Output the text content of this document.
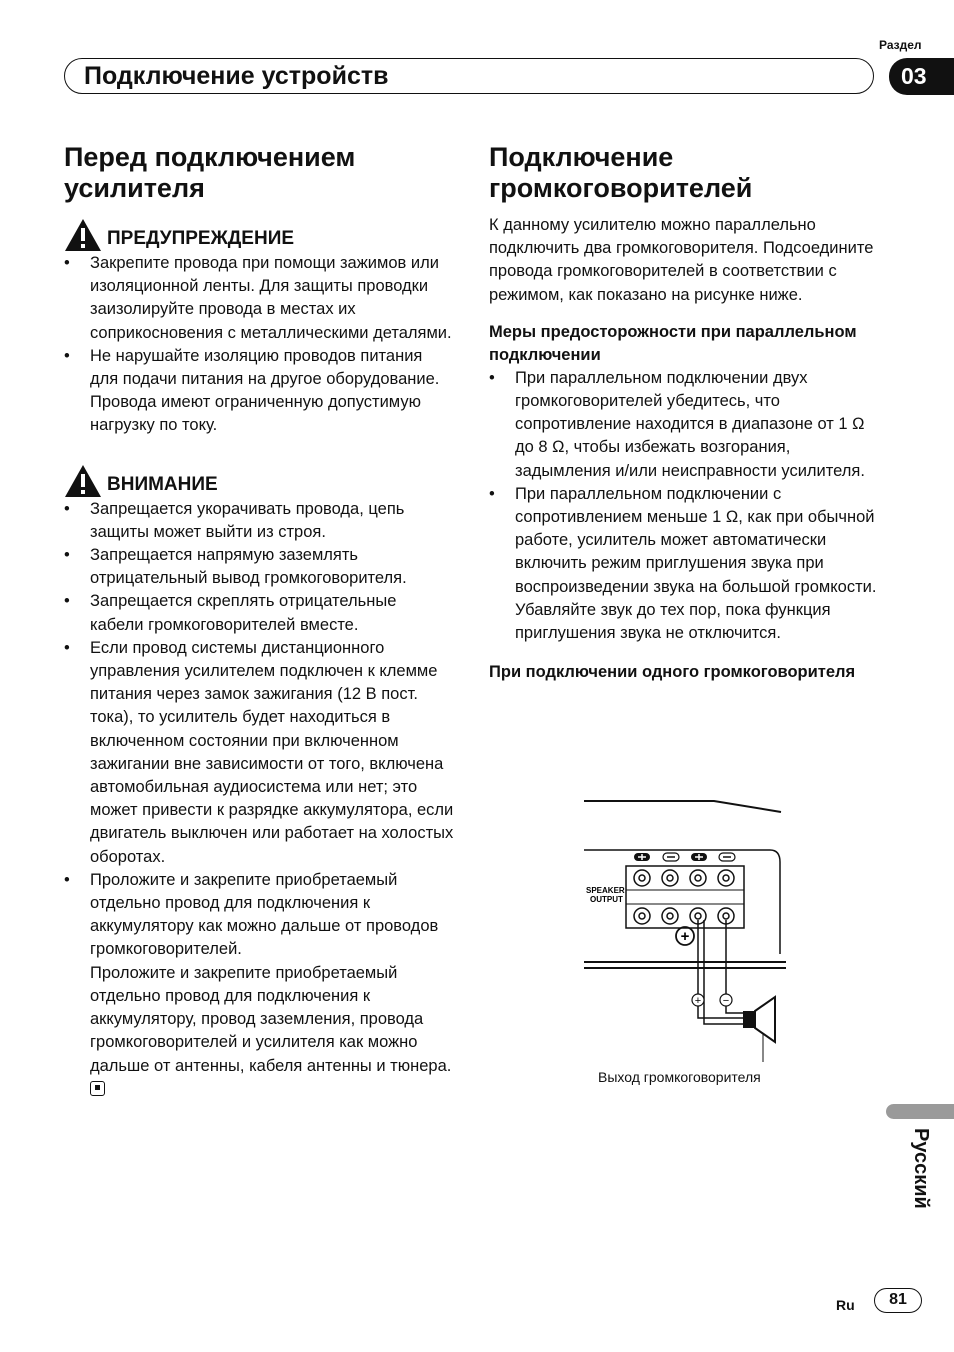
Раздел
Подключение устройств	03
Перед подключением усилителя
ПРЕДУПРЕЖДЕНИЕ
• Закрепите провода при помощи зажимов или изоляционной ленты. Для защиты проводки заизолируйте провода в местах их соприкосновения с металлическими деталями.
• Не нарушайте изоляцию проводов питания для подачи питания на другое оборудование. Провода имеют ограниченную допустимую нагрузку по току.
ВНИМАНИЕ
• Запрещается укорачивать провода, цепь защиты может выйти из строя.
• Запрещается напрямую заземлять отрицательный вывод громкоговорителя.
• Запрещается скреплять отрицательные кабели громкоговорителей вместе.
• Если провод системы дистанционного управления усилителем подключен к клемме питания через замок зажигания (12 В пост. тока), то усилитель будет находиться в включенном состоянии при включенном зажигании вне зависимости от того, включена автомобильная аудиосистема или нет; это может привести к разрядке аккумулятора, если двигатель выключен или работает на холостых оборотах.
• Проложите и закрепите приобретаемый отдельно провод для подключения к аккумулятору как можно дальше от проводов громкоговорителей.

Проложите и закрепите приобретаемый отдельно провод для подключения к аккумулятору, провод заземления, провода громкоговорителей и усилителя как можно дальше от антенны, кабеля антенны и тюнера.

Подключение громкоговорителей

К данному усилителю можно параллельно подключить два громкоговорителя. Подсоедините провода громкоговорителей в соответствии с режимом, как показано на рисунке ниже.

Меры предосторожности при параллельном подключении

• При параллельном подключении двух громкоговорителей убедитесь, что сопротивление находится в диапазоне от 1 Ω до 8 Ω, чтобы избежать возгорания, задымления и/или неисправности усилителя.
• При параллельном подключении с сопротивлением меньше 1 Ω, как при обычной работе, усилитель может автоматически включить режим приглушения звука при воспроизведении звука на большой громкости. Убавляйте звук до тех пор, пока функция приглушения звука не отключится.

При подключении одного громкоговорителя

SPEAKER
OUTPUT
+
+ −
Выход громкоговорителя
Русский
Ru	81
